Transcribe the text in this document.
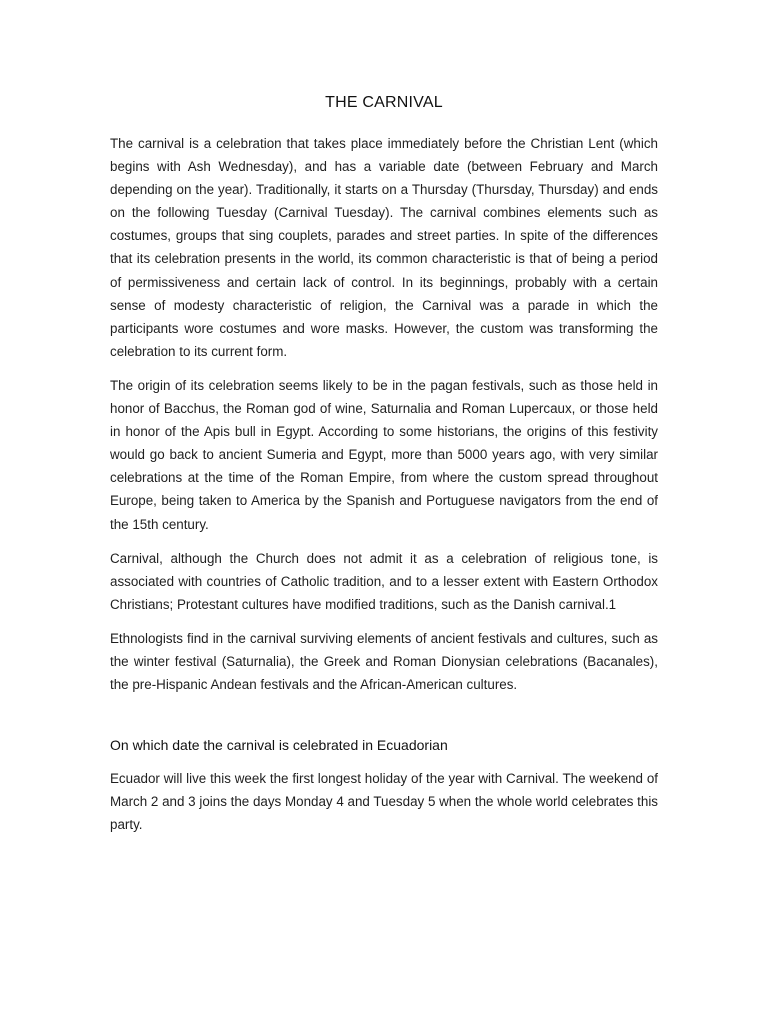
THE CARNIVAL

The carnival is a celebration that takes place immediately before the Christian Lent (which begins with Ash Wednesday), and has a variable date (between February and March depending on the year). Traditionally, it starts on a Thursday (Thursday, Thursday) and ends on the following Tuesday (Carnival Tuesday). The carnival combines elements such as costumes, groups that sing couplets, parades and street parties. In spite of the differences that its celebration presents in the world, its common characteristic is that of being a period of permissiveness and certain lack of control. In its beginnings, probably with a certain sense of modesty characteristic of religion, the Carnival was a parade in which the participants wore costumes and wore masks. However, the custom was transforming the celebration to its current form.

The origin of its celebration seems likely to be in the pagan festivals, such as those held in honor of Bacchus, the Roman god of wine, Saturnalia and Roman Lupercaux, or those held in honor of the Apis bull in Egypt. According to some historians, the origins of this festivity would go back to ancient Sumeria and Egypt, more than 5000 years ago, with very similar celebrations at the time of the Roman Empire, from where the custom spread throughout Europe, being taken to America by the Spanish and Portuguese navigators from the end of the 15th century.

Carnival, although the Church does not admit it as a celebration of religious tone, is associated with countries of Catholic tradition, and to a lesser extent with Eastern Orthodox Christians; Protestant cultures have modified traditions, such as the Danish carnival.1

Ethnologists find in the carnival surviving elements of ancient festivals and cultures, such as the winter festival (Saturnalia), the Greek and Roman Dionysian celebrations (Bacanales), the pre-Hispanic Andean festivals and the African-American cultures.

On which date the carnival is celebrated in Ecuadorian

Ecuador will live this week the first longest holiday of the year with Carnival. The weekend of March 2 and 3 joins the days Monday 4 and Tuesday 5 when the whole world celebrates this party.
